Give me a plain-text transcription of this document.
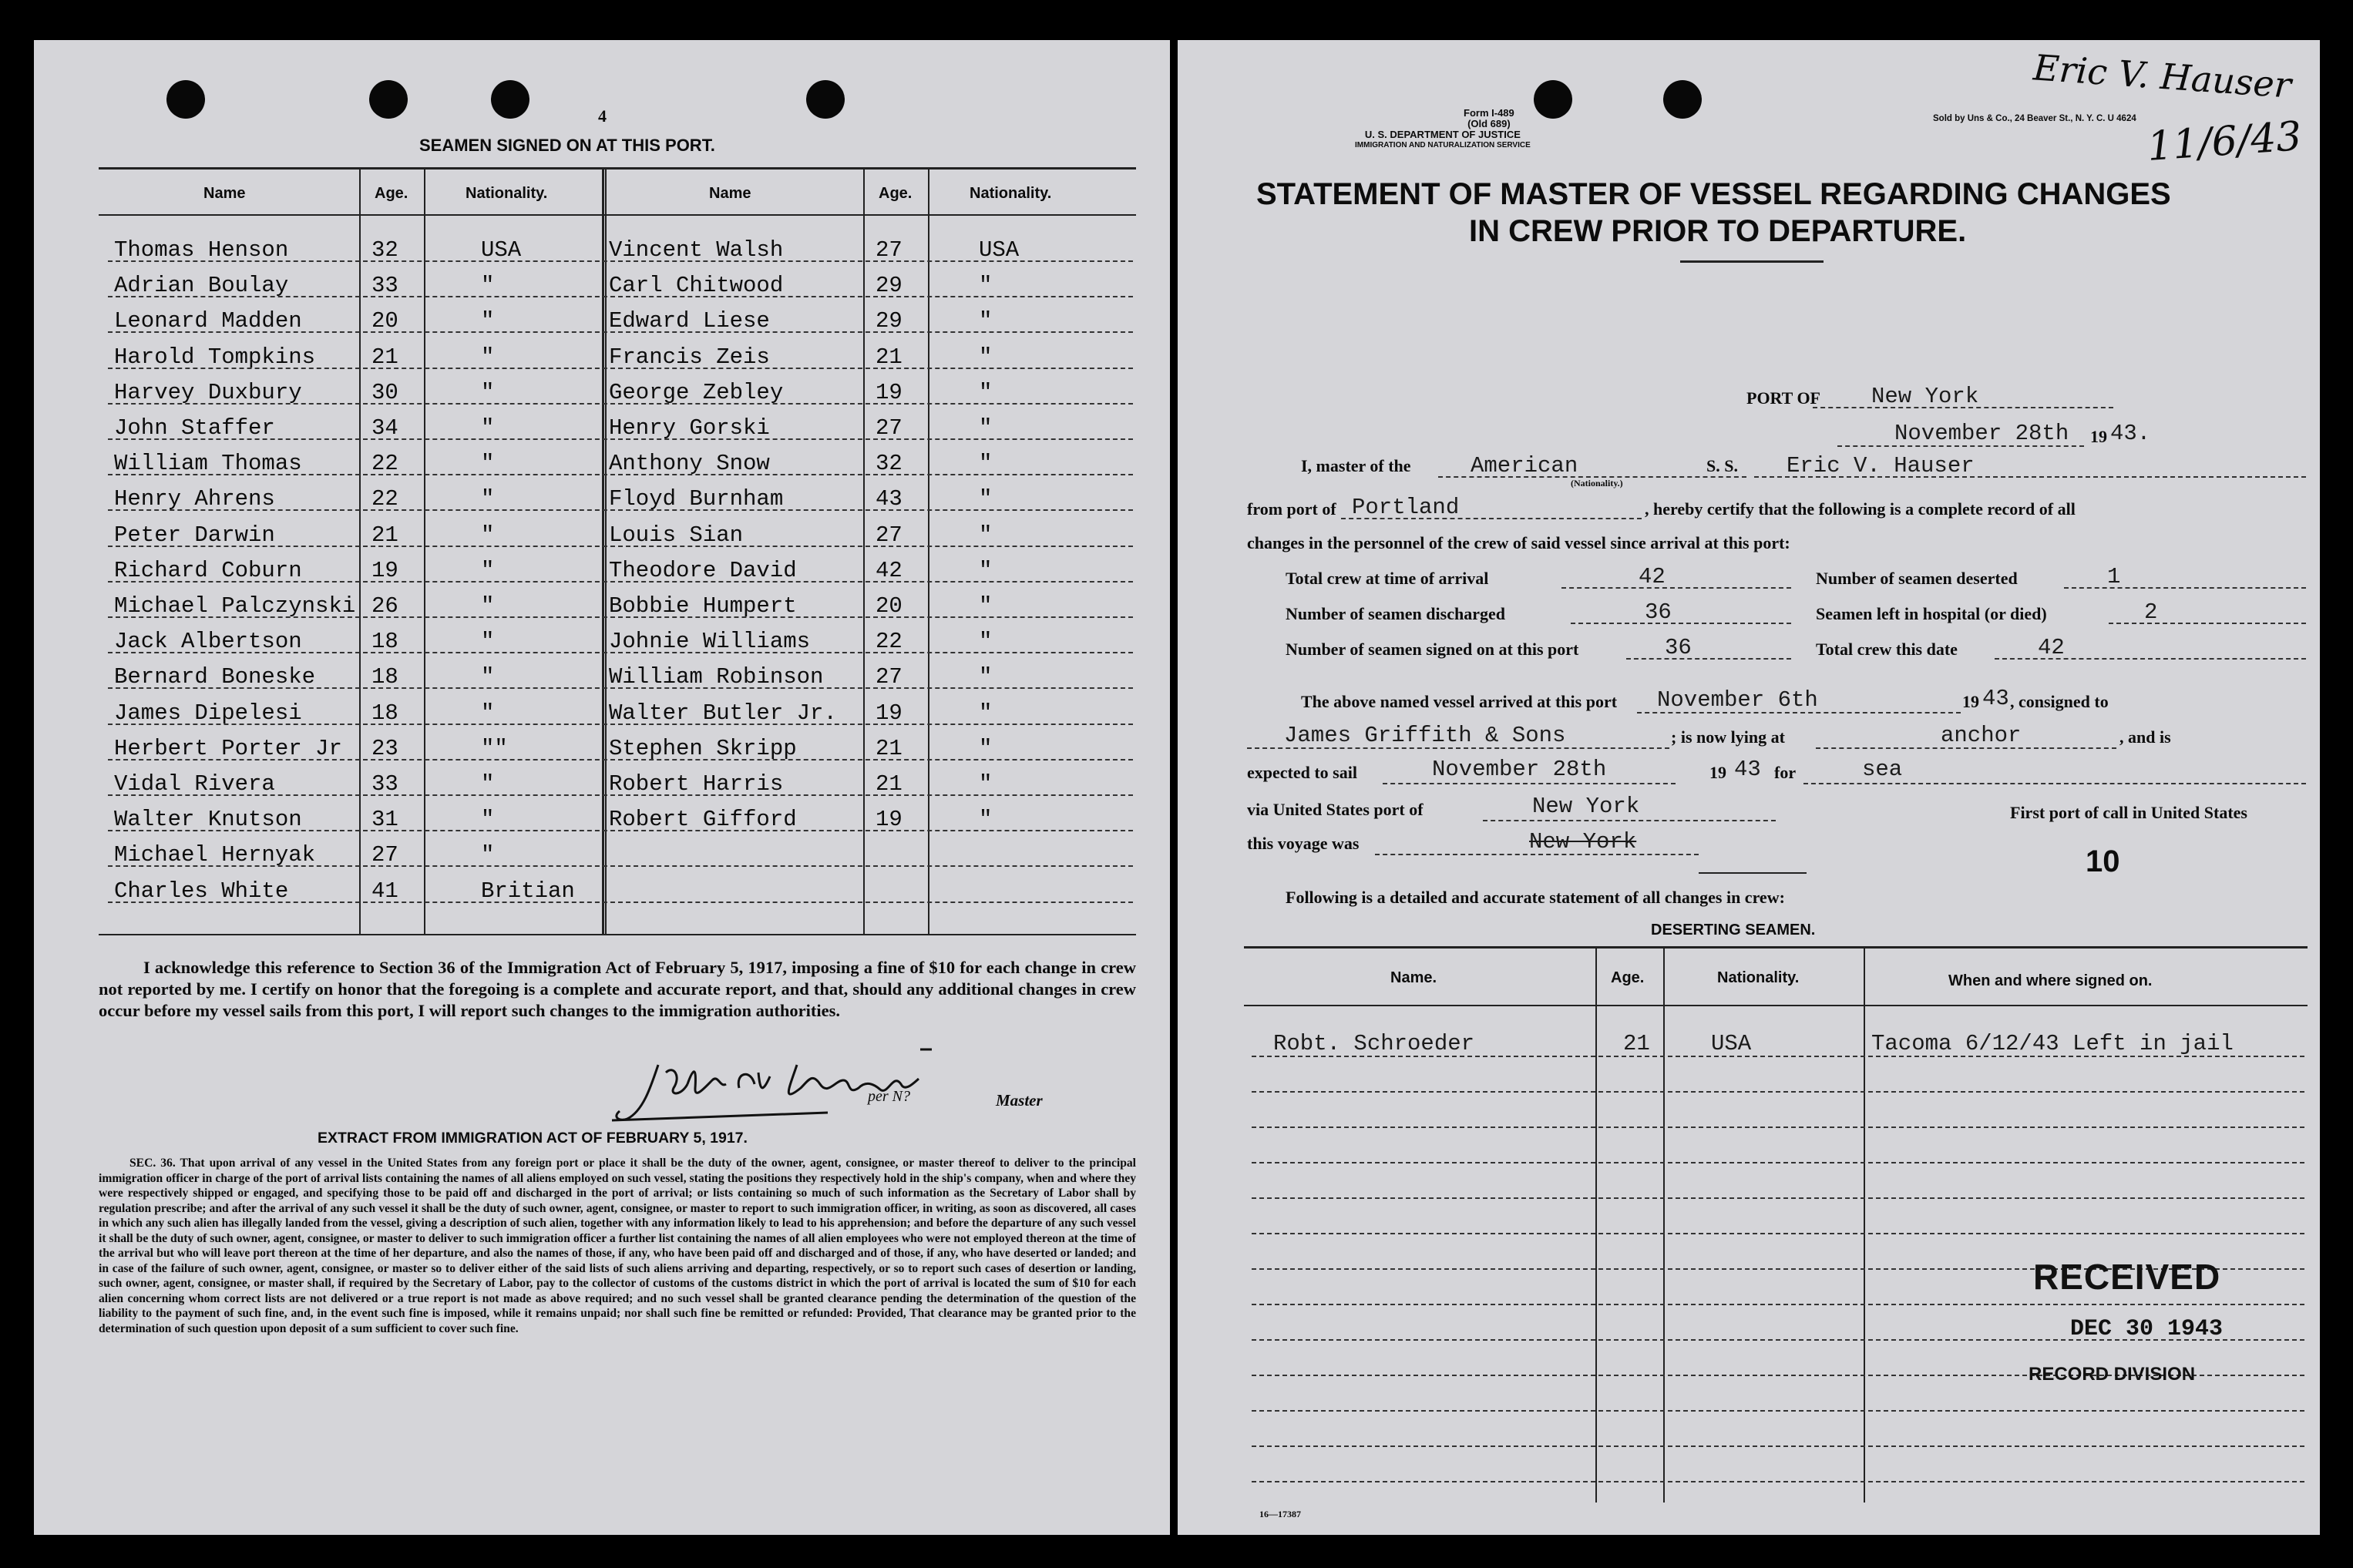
4
SEAMEN SIGNED ON AT THIS PORT.
Name	Age.	Nationality.	Name	Age.	Nationality.
Thomas Henson	32	USA	Vincent Walsh	27	USA
Adrian Boulay	33	"	Carl Chitwood	29	"
Leonard Madden	20	"	Edward Liese	29	"
Harold Tompkins	21	"	Francis Zeis	21	"
Harvey Duxbury	30	"	George Zebley	19	"
John Staffer	34	"	Henry Gorski	27	"
William Thomas	22	"	Anthony Snow	32	"
Henry Ahrens	22	"	Floyd Burnham	43	"
Peter Darwin	21	"	Louis Sian	27	"
Richard Coburn	19	"	Theodore David	42	"
Michael Palczynski 26	"	Bobbie Humpert	20	"
Jack Albertson	18	"	Johnie Williams	22	"
Bernard Boneske	18	"	William Robinson 27	"
James Dipelesi	18	"	Walter Butler Jr. 19	"
Herbert Porter Jr 23	""	Stephen Skripp	21	"
Vidal Rivera	33	"	Robert Harris	21	"
Walter Knutson	31	"	Robert Gifford	19	"
Michael Hernyak	27	"
Charles White	41	Britian
I acknowledge this reference to Section 36 of the Immigration Act of February 5, 1917, imposing a fine of $10 for each change in crew not reported by me. I certify on honor that the foregoing is a complete and accurate report, and that, should any additional changes in crew occur before my vessel sails from this port, I will report such changes to the immigration authorities.
per N?	Master
EXTRACT FROM IMMIGRATION ACT OF FEBRUARY 5, 1917.
SEC. 36. That upon arrival of any vessel in the United States from any foreign port or place it shall be the duty of the owner, agent, consignee, or master thereof to deliver to the principal immigration officer in charge of the port of arrival lists containing the names of all aliens employed on such vessel, stating the positions they respectively hold in the ship's company, when and where they were respectively shipped or engaged, and specifying those to be paid off and discharged in the port of arrival; or lists containing so much of such information as the Secretary of Labor shall by regulation prescribe; and after the arrival of any such vessel it shall be the duty of such owner, agent, consignee, or master to report to such immigration officer, in writing, as soon as discovered, all cases in which any such alien has illegally landed from the vessel, giving a description of such alien, together with any information likely to lead to his apprehension; and before the departure of any such vessel it shall be the duty of such owner, agent, consignee, or master to deliver to such immigration officer a further list containing the names of all alien employees who were not employed thereon at the time of the arrival but who will leave port thereon at the time of her departure, and also the names of those, if any, who have been paid off and discharged and of those, if any, who have deserted or landed; and in case of the failure of such owner, agent, consignee, or master so to deliver either of the said lists of such aliens arriving and departing, respectively, or so to report such cases of desertion or landing, such owner, agent, consignee, or master shall, if required by the Secretary of Labor, pay to the collector of customs of the customs district in which the port of arrival is located the sum of $10 for each alien concerning whom correct lists are not delivered or a true report is not made as above required; and no such vessel shall be granted clearance pending the determination of the question of the liability to the payment of such fine, and, in the event such fine is imposed, while it remains unpaid; nor shall such fine be remitted or refunded: Provided, That clearance may be granted prior to the determination of such question upon deposit of a sum sufficient to cover such fine.
Form I-489
(Old 689)
U. S. DEPARTMENT OF JUSTICE
IMMIGRATION AND NATURALIZATION SERVICE
Sold by Uns & Co., 24 Beaver St., N. Y. C. U 4624
Eric V. Hauser
11/6/43
STATEMENT OF MASTER OF VESSEL REGARDING CHANGES
IN CREW PRIOR TO DEPARTURE.
PORT OF New York
November 28th 19 43.
I, master of the	American
(Nationality.)
S. S. Eric V. Hauser
from port of Portland	, hereby certify that the following is a complete record of all
changes in the personnel of the crew of said vessel since arrival at this port:
Total crew at time of arrival	42
Number of seamen discharged	36
Number of seamen signed on at this port	36
Number of seamen deserted	1
Seamen left in hospital (or died)	2
Total crew this date	42
The above named vessel arrived at this port November 6th	19 43 , consigned to
James Griffith & Sons	; is now lying at	anchor	, and is
expected to sail	November 28th	19 43 for	sea
via United States port of	New York	First port of call in United States
this voyage was	New York
10
Following is a detailed and accurate statement of all changes in crew:
DESERTING SEAMEN.
Name.	Age.	Nationality.	When and where signed on.
Robt. Schroeder	21	USA	Tacoma 6/12/43 Left in jail
RECEIVED
DEC 30 1943
RECORD DIVISION
16—17387
